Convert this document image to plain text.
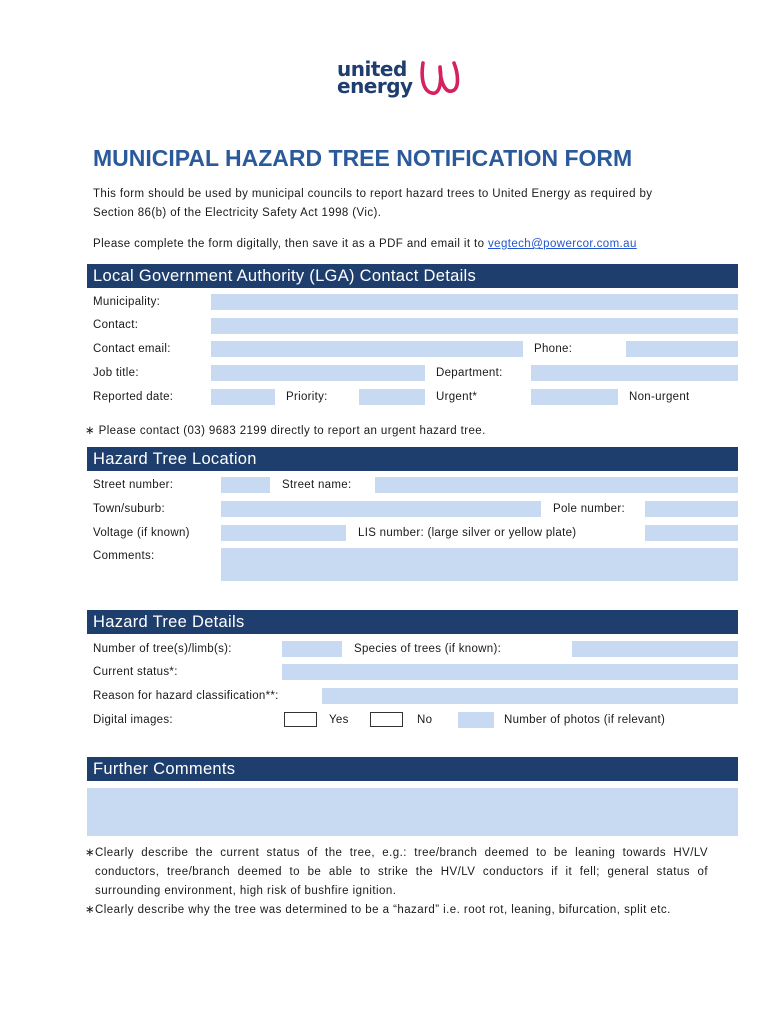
united
energy
MUNICIPAL HAZARD TREE NOTIFICATION FORM
This form should be used by municipal councils to report hazard trees to United Energy as required by
Section 86(b) of the Electricity Safety Act 1998 (Vic).
Please complete the form digitally, then save it as a PDF and email it to vegtech@powercor.com.au
Local Government Authority (LGA) Contact Details
Municipality:
Contact:
Contact email:	Phone:
Job title:	Department:
Reported date:	Priority:	Urgent*	Non-urgent
∗ Please contact (03) 9683 2199 directly to report an urgent hazard tree.
Hazard Tree Location
Street number:	Street name:
Town/suburb:	Pole number:
Voltage (if known)	LIS number: (large silver or yellow plate)
Comments:
Hazard Tree Details
Number of tree(s)/limb(s):	Species of trees (if known):
Current status*:
Reason for hazard classification**:
Digital images:	Yes	No	Number of photos (if relevant)
Further Comments
∗ Clearly describe the current status of the tree, e.g.: tree/branch deemed to be leaning towards HV/LV conductors, tree/branch deemed to be able to strike the HV/LV conductors if it fell; general status of surrounding environment, high risk of bushfire ignition.
∗ Clearly describe why the tree was determined to be a “hazard” i.e. root rot, leaning, bifurcation, split etc.
